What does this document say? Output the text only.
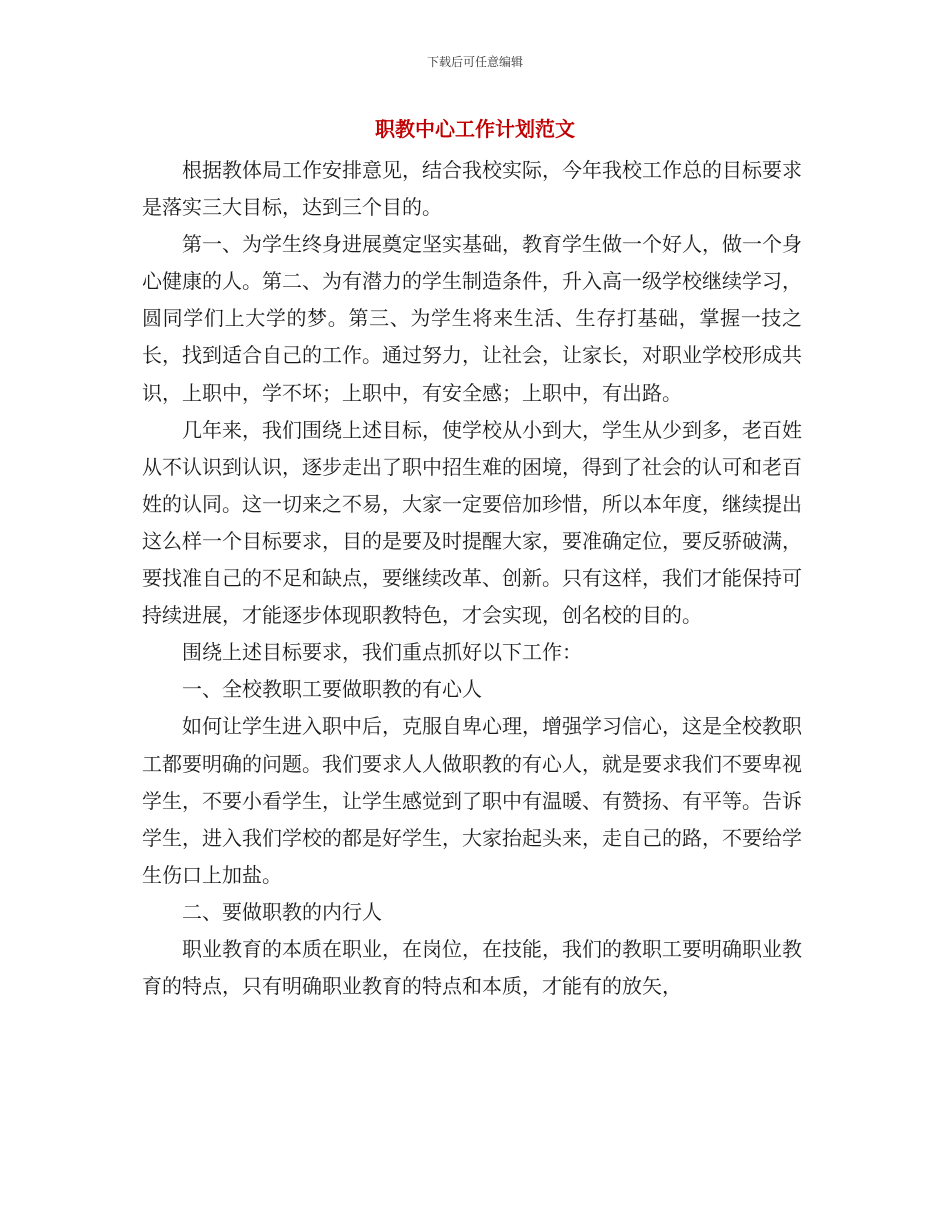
下载后可任意编辑
职教中心工作计划范文

根据教体局工作安排意见，结合我校实际，今年我校工作总的目标要求是落实三大目标，达到三个目的。

第一、为学生终身进展奠定坚实基础，教育学生做一个好人，做一个身心健康的人。第二、为有潜力的学生制造条件，升入高一级学校继续学习，圆同学们上大学的梦。第三、为学生将来生活、生存打基础，掌握一技之长，找到适合自己的工作。通过努力，让社会，让家长，对职业学校形成共识，上职中，学不坏；上职中，有安全感；上职中，有出路。

几年来，我们围绕上述目标，使学校从小到大，学生从少到多，老百姓从不认识到认识，逐步走出了职中招生难的困境，得到了社会的认可和老百姓的认同。这一切来之不易，大家一定要倍加珍惜，所以本年度，继续提出这么样一个目标要求，目的是要及时提醒大家，要准确定位，要反骄破满，要找准自己的不足和缺点，要继续改革、创新。只有这样，我们才能保持可持续进展，才能逐步体现职教特色，才会实现，创名校的目的。

围绕上述目标要求，我们重点抓好以下工作：

一、全校教职工要做职教的有心人

如何让学生进入职中后，克服自卑心理，增强学习信心，这是全校教职工都要明确的问题。我们要求人人做职教的有心人，就是要求我们不要卑视学生，不要小看学生，让学生感觉到了职中有温暖、有赞扬、有平等。告诉学生，进入我们学校的都是好学生，大家抬起头来，走自己的路，不要给学生伤口上加盐。

二、要做职教的内行人

职业教育的本质在职业，在岗位，在技能，我们的教职工要明确职业教育的特点，只有明确职业教育的特点和本质，才能有的放矢，
